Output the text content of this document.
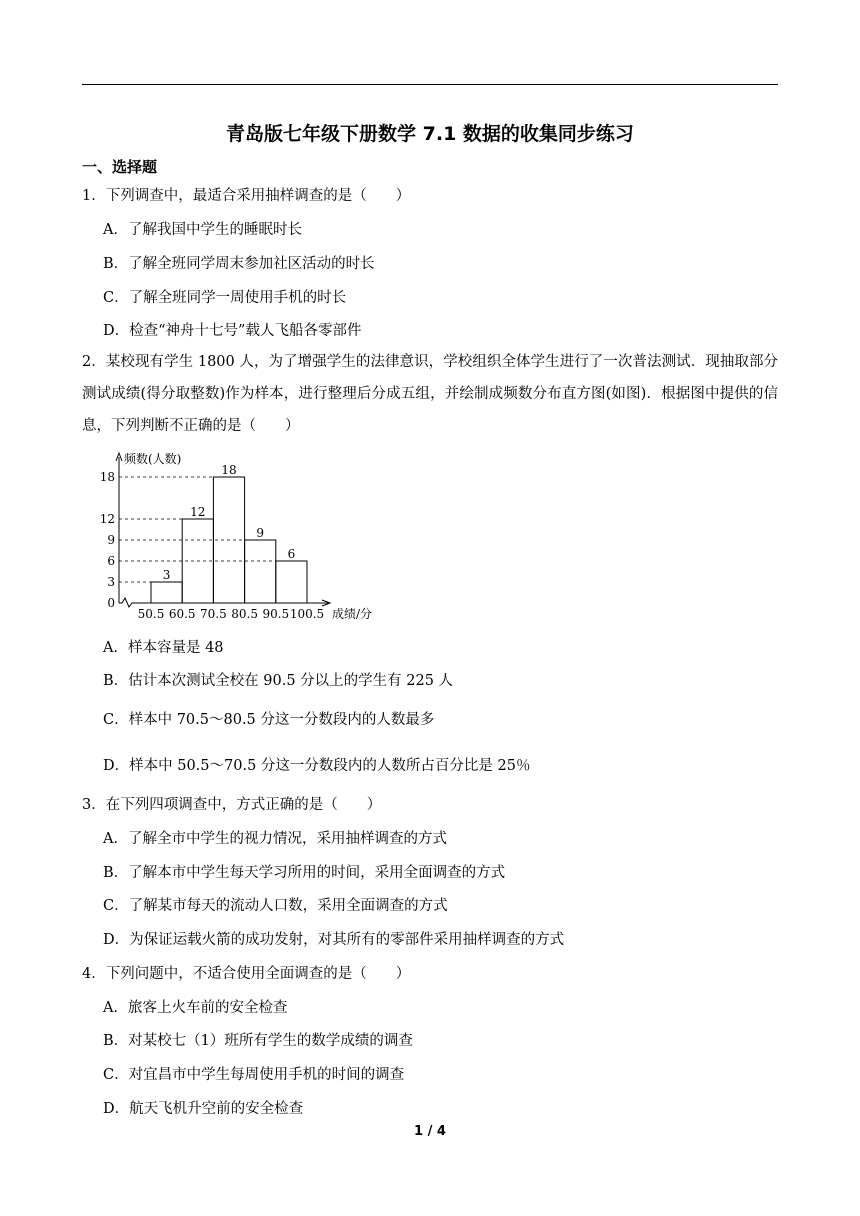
青岛版七年级下册数学 7.1 数据的收集同步练习
一、选择题
1．下列调查中，最适合采用抽样调查的是（　　）
A．了解我国中学生的睡眠时长
B．了解全班同学周末参加社区活动的时长
C．了解全班同学一周使用手机的时长
D．检查“神舟十七号”载人飞船各零部件
2．某校现有学生 1800 人，为了增强学生的法律意识，学校组织全体学生进行了一次普法测试．现抽取部分测试成绩(得分取整数)作为样本，进行整理后分成五组，并绘制成频数分布直方图(如图)．根据图中提供的信息，下列判断不正确的是（　　）
3
12
18
9
6
0
3
6
9
12
18
50.5 60.5 70.5 80.5 90.5 100.5
频数(人数)
成绩/分
A．样本容量是 48
B．估计本次测试全校在 90.5 分以上的学生有 225 人
C．样本中 70.5～80.5 分这一分数段内的人数最多
D．样本中 50.5～70.5 分这一分数段内的人数所占百分比是 25％
3．在下列四项调查中，方式正确的是（　　）
A．了解全市中学生的视力情况，采用抽样调查的方式
B．了解本市中学生每天学习所用的时间，采用全面调查的方式
C．了解某市每天的流动人口数，采用全面调查的方式
D．为保证运载火箭的成功发射，对其所有的零部件采用抽样调查的方式
4．下列问题中，不适合使用全面调查的是（　　）
A．旅客上火车前的安全检查
B．对某校七（1）班所有学生的数学成绩的调查
C．对宜昌市中学生每周使用手机的时间的调查
D．航天飞机升空前的安全检查
1 / 4
